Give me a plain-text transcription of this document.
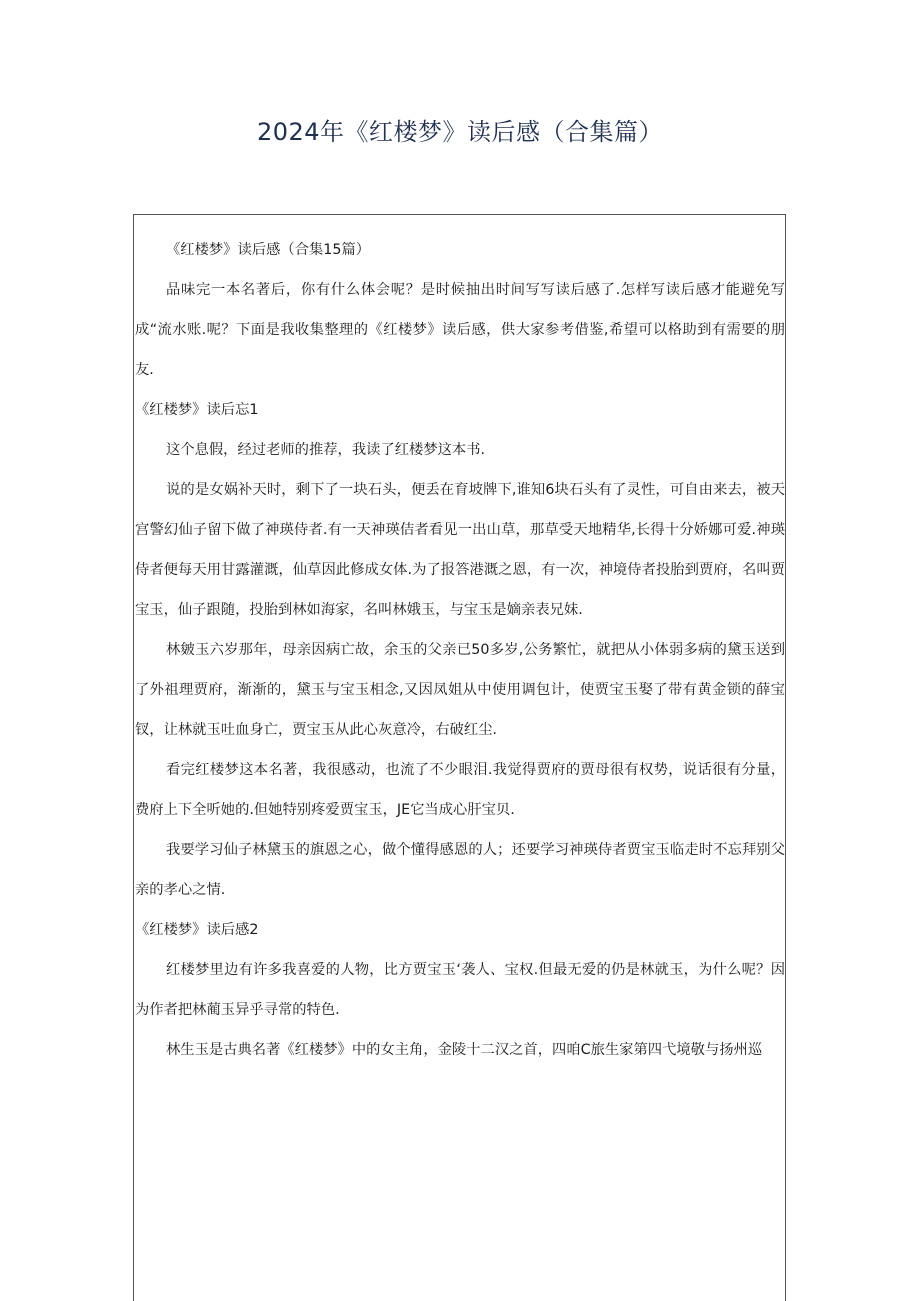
2024年《红楼梦》读后感（合集篇）

《红楼梦》读后感（合集15篇）

品味完一本名著后，你有什么体会呢？是时候抽出时间写写读后感了.怎样写读后感才能避免写成“流水账.呢？下面是我收集整理的《红楼梦》读后感，供大家参考借鉴,希望可以格助到有需要的朋友.

《红楼梦》读后忘1

这个息假，经过老师的推荐，我读了红楼梦这本书.

说的是女娲补天时，剩下了一块石头，便丢在育坡牌下,谁知6块石头有了灵性，可自由来去，被天宫警幻仙子留下做了神瑛侍者.有一天神瑛佶者看见一出山草，那草受天地精华,长得十分娇娜可爱.神瑛侍者便每天用甘露灌溉，仙草因此修成女体.为了报答港溉之恩，有一次，神境侍者投胎到贾府，名叫贾宝玉，仙子跟随，投胎到林如海家，名叫林娥玉，与宝玉是嫡亲表兄妹.

林皴玉六岁那年，母亲因病亡故，余玉的父亲已50多岁,公务繁忙，就把从小体弱多病的黛玉送到了外祖理贾府，渐渐的，黛玉与宝玉相念,又因凤姐从中使用调包计，使贾宝玉娶了带有黄金锁的薛宝钗，让林就玉吐血身亡，贾宝玉从此心灰意冷，右破红尘.

看完红楼梦这本名著，我很感动，也流了不少眼泪.我觉得贾府的贾母很有权势，说话很有分量，费府上下全听她的.但她特别疼爱贾宝玉，JE它当成心肝宝贝.

我要学习仙子林黛玉的旗恩之心，做个懂得感恩的人；还要学习神瑛侍者贾宝玉临走时不忘拜别父亲的孝心之情.

《红楼梦》读后感2

红楼梦里边有许多我喜爱的人物，比方贾宝玉‘袭人、宝权.但最无爱的仍是林就玉，为什么呢？因为作者把林蔺玉异乎寻常的特色.

林生玉是古典名著《红楼梦》中的女主角，金陵十二汉之首，四咱C旅生家第四弋境敬与扬州巡
